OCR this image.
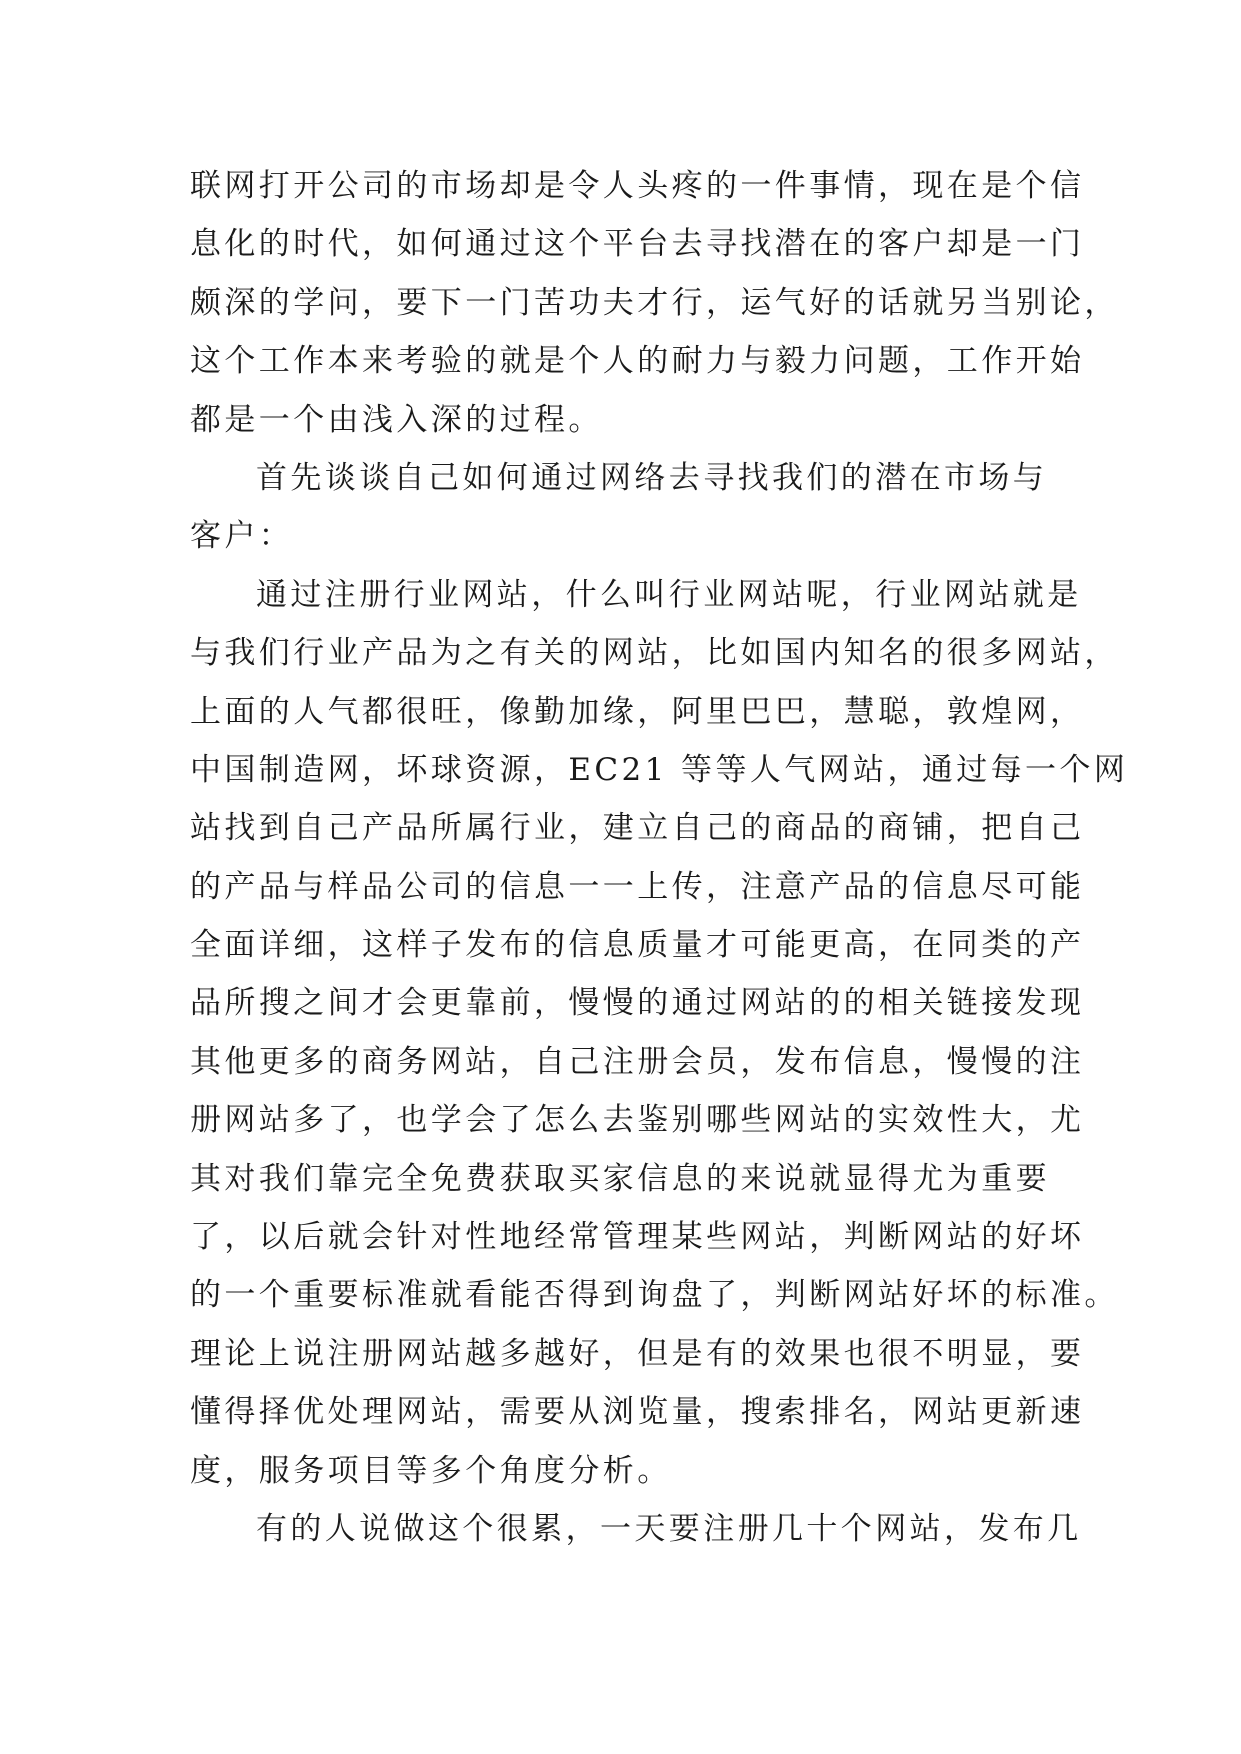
联网打开公司的市场却是令人头疼的一件事情，现在是个信
息化的时代，如何通过这个平台去寻找潜在的客户却是一门
颇深的学问，要下一门苦功夫才行，运气好的话就另当别论，
这个工作本来考验的就是个人的耐力与毅力问题，工作开始
都是一个由浅入深的过程。
首先谈谈自己如何通过网络去寻找我们的潜在市场与
客户：
通过注册行业网站，什么叫行业网站呢，行业网站就是
与我们行业产品为之有关的网站，比如国内知名的很多网站，
上面的人气都很旺，像勤加缘，阿里巴巴，慧聪，敦煌网，
中国制造网，坏球资源，EC21 等等人气网站，通过每一个网
站找到自己产品所属行业，建立自己的商品的商铺，把自己
的产品与样品公司的信息一一上传，注意产品的信息尽可能
全面详细，这样子发布的信息质量才可能更高，在同类的产
品所搜之间才会更靠前，慢慢的通过网站的的相关链接发现
其他更多的商务网站，自己注册会员，发布信息，慢慢的注
册网站多了，也学会了怎么去鉴别哪些网站的实效性大，尤
其对我们靠完全免费获取买家信息的来说就显得尤为重要
了，以后就会针对性地经常管理某些网站，判断网站的好坏
的一个重要标准就看能否得到询盘了，判断网站好坏的标准。
理论上说注册网站越多越好，但是有的效果也很不明显，要
懂得择优处理网站，需要从浏览量，搜索排名，网站更新速
度，服务项目等多个角度分析。
有的人说做这个很累，一天要注册几十个网站，发布几
